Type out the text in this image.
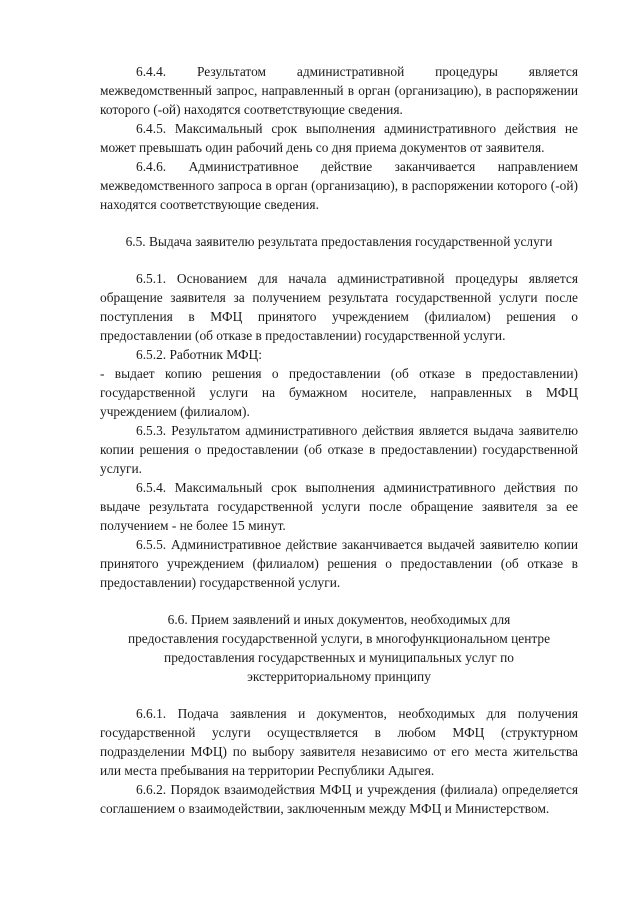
6.4.4. Результатом административной процедуры является межведомственный запрос, направленный в орган (организацию), в распоряжении которого (-ой) находятся соответствующие сведения.

6.4.5. Максимальный срок выполнения административного действия не может превышать один рабочий день со дня приема документов от заявителя.

6.4.6. Административное действие заканчивается направлением межведомственного запроса в орган (организацию), в распоряжении которого (-ой) находятся соответствующие сведения.

6.5. Выдача заявителю результата предоставления государственной услуги

6.5.1. Основанием для начала административной процедуры является обращение заявителя за получением результата государственной услуги после поступления в МФЦ принятого учреждением (филиалом) решения о предоставлении (об отказе в предоставлении) государственной услуги.

6.5.2. Работник МФЦ:

- выдает копию решения о предоставлении (об отказе в предоставлении) государственной услуги на бумажном носителе, направленных в МФЦ учреждением (филиалом).

6.5.3. Результатом административного действия является выдача заявителю копии решения о предоставлении (об отказе в предоставлении) государственной услуги.

6.5.4. Максимальный срок выполнения административного действия по выдаче результата государственной услуги после обращение заявителя за ее получением - не более 15 минут.

6.5.5. Административное действие заканчивается выдачей заявителю копии принятого учреждением (филиалом) решения о предоставлении (об отказе в предоставлении) государственной услуги.

6.6. Прием заявлений и иных документов, необходимых для

предоставления государственной услуги, в многофункциональном центре

предоставления государственных и муниципальных услуг по

экстерриториальному принципу

6.6.1. Подача заявления и документов, необходимых для получения государственной услуги осуществляется в любом МФЦ (структурном подразделении МФЦ) по выбору заявителя независимо от его места жительства или места пребывания на территории Республики Адыгея.

6.6.2. Порядок взаимодействия МФЦ и учреждения (филиала) определяется соглашением о взаимодействии, заключенным между МФЦ и Министерством.
